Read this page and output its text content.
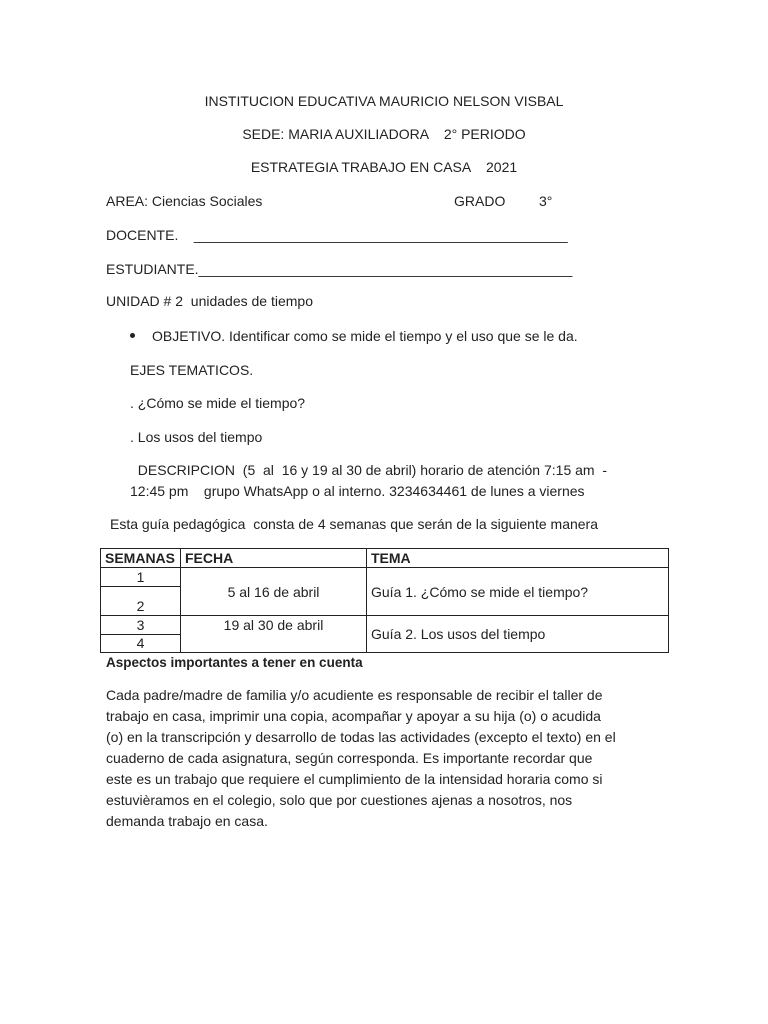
INSTITUCION EDUCATIVA MAURICIO NELSON VISBAL
SEDE: MARIA AUXILIADORA    2° PERIODO
ESTRATEGIA TRABAJO EN CASA    2021
AREA: Ciencias Sociales	GRADO 3°
DOCENTE.    ________________________________________________
ESTUDIANTE.________________________________________________
UNIDAD # 2  unidades de tiempo
OBJETIVO. Identificar como se mide el tiempo y el uso que se le da.
EJES TEMATICOS.
. ¿Cómo se mide el tiempo?
. Los usos del tiempo
DESCRIPCION  (5  al  16 y 19 al 30 de abril) horario de atención 7:15 am  -
12:45 pm    grupo WhatsApp o al interno. 3234634461 de lunes a viernes
Esta guía pedagógica  consta de 4 semanas que serán de la siguiente manera
SEMANAS	FECHA	TEMA
1	5 al 16 de abril	Guía 1. ¿Cómo se mide el tiempo?
2		
3	19 al 30 de abril	Guía 2. Los usos del tiempo
4		
Aspectos importantes a tener en cuenta
Cada padre/madre de familia y/o acudiente es responsable de recibir el taller de
trabajo en casa, imprimir una copia, acompañar y apoyar a su hija (o) o acudida
(o) en la transcripción y desarrollo de todas las actividades (excepto el texto) en el
cuaderno de cada asignatura, según corresponda. Es importante recordar que
este es un trabajo que requiere el cumplimiento de la intensidad horaria como si
estuvièramos en el colegio, solo que por cuestiones ajenas a nosotros, nos
demanda trabajo en casa.
